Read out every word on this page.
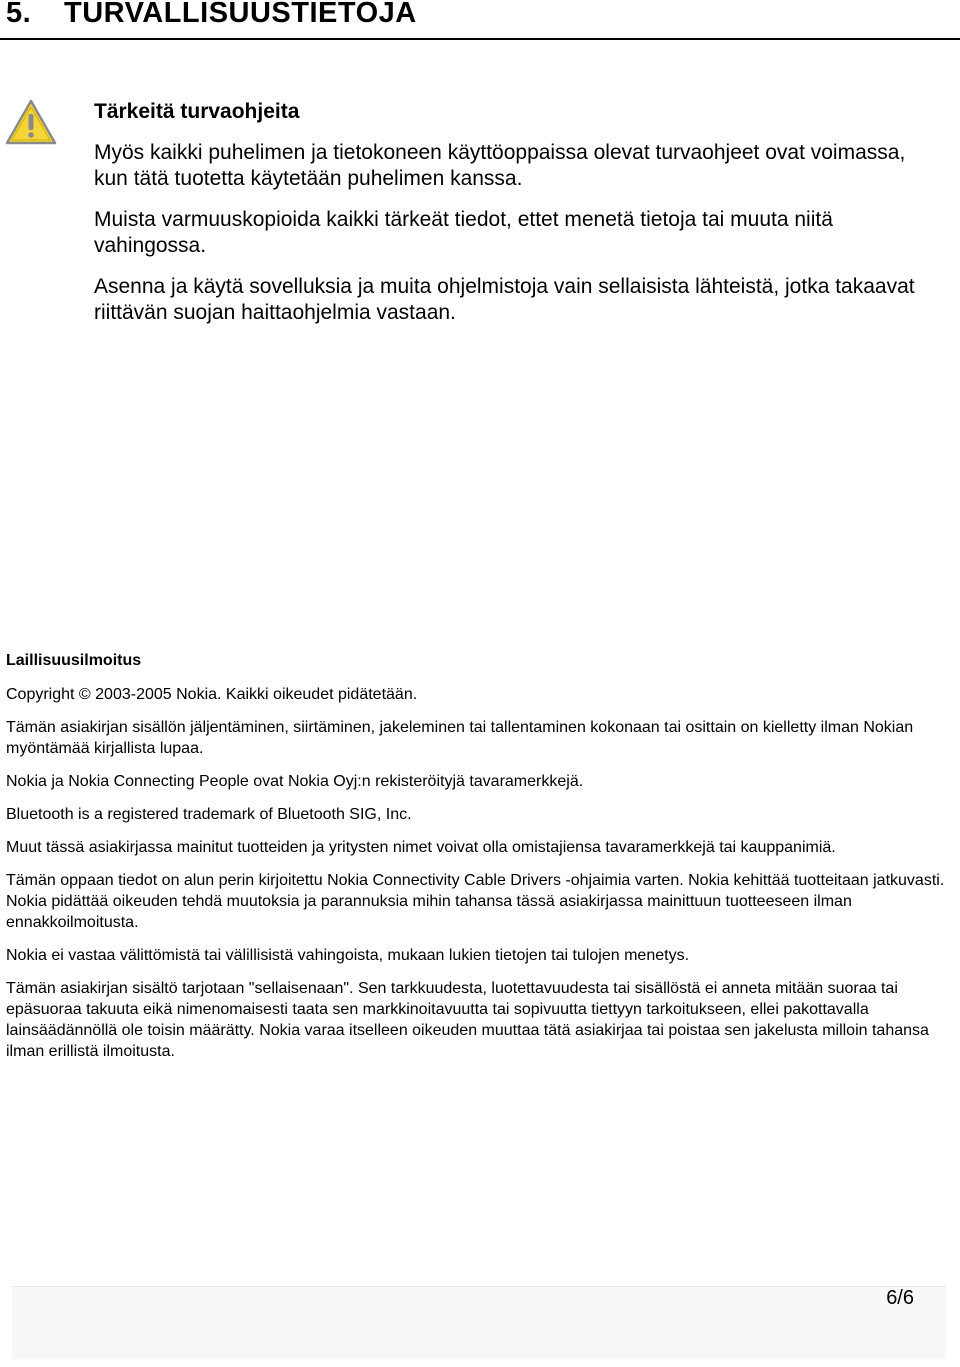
5. TURVALLISUUSTIETOJA
Tärkeitä turvaohjeita

Myös kaikki puhelimen ja tietokoneen käyttöoppaissa olevat turvaohjeet ovat voimassa, kun tätä tuotetta käytetään puhelimen kanssa.

Muista varmuuskopioida kaikki tärkeät tiedot, ettet menetä tietoja tai muuta niitä vahingossa.

Asenna ja käytä sovelluksia ja muita ohjelmistoja vain sellaisista lähteistä, jotka takaavat riittävän suojan haittaohjelmia vastaan.

Laillisuusilmoitus

Copyright © 2003-2005 Nokia. Kaikki oikeudet pidätetään.

Tämän asiakirjan sisällön jäljentäminen, siirtäminen, jakeleminen tai tallentaminen kokonaan tai osittain on kielletty ilman Nokian myöntämää kirjallista lupaa.

Nokia ja Nokia Connecting People ovat Nokia Oyj:n rekisteröityjä tavaramerkkejä.

Bluetooth is a registered trademark of Bluetooth SIG, Inc.

Muut tässä asiakirjassa mainitut tuotteiden ja yritysten nimet voivat olla omistajiensa tavaramerkkejä tai kauppanimiä.

Tämän oppaan tiedot on alun perin kirjoitettu Nokia Connectivity Cable Drivers -ohjaimia varten. Nokia kehittää tuotteitaan jatkuvasti. Nokia pidättää oikeuden tehdä muutoksia ja parannuksia mihin tahansa tässä asiakirjassa mainittuun tuotteeseen ilman ennakkoilmoitusta.

Nokia ei vastaa välittömistä tai välillisistä vahingoista, mukaan lukien tietojen tai tulojen menetys.

Tämän asiakirjan sisältö tarjotaan "sellaisenaan". Sen tarkkuudesta, luotettavuudesta tai sisällöstä ei anneta mitään suoraa tai epäsuoraa takuuta eikä nimenomaisesti taata sen markkinoitavuutta tai sopivuutta tiettyyn tarkoitukseen, ellei pakottavalla lainsäädännöllä ole toisin määrätty. Nokia varaa itselleen oikeuden muuttaa tätä asiakirjaa tai poistaa sen jakelusta milloin tahansa ilman erillistä ilmoitusta.

6/6
